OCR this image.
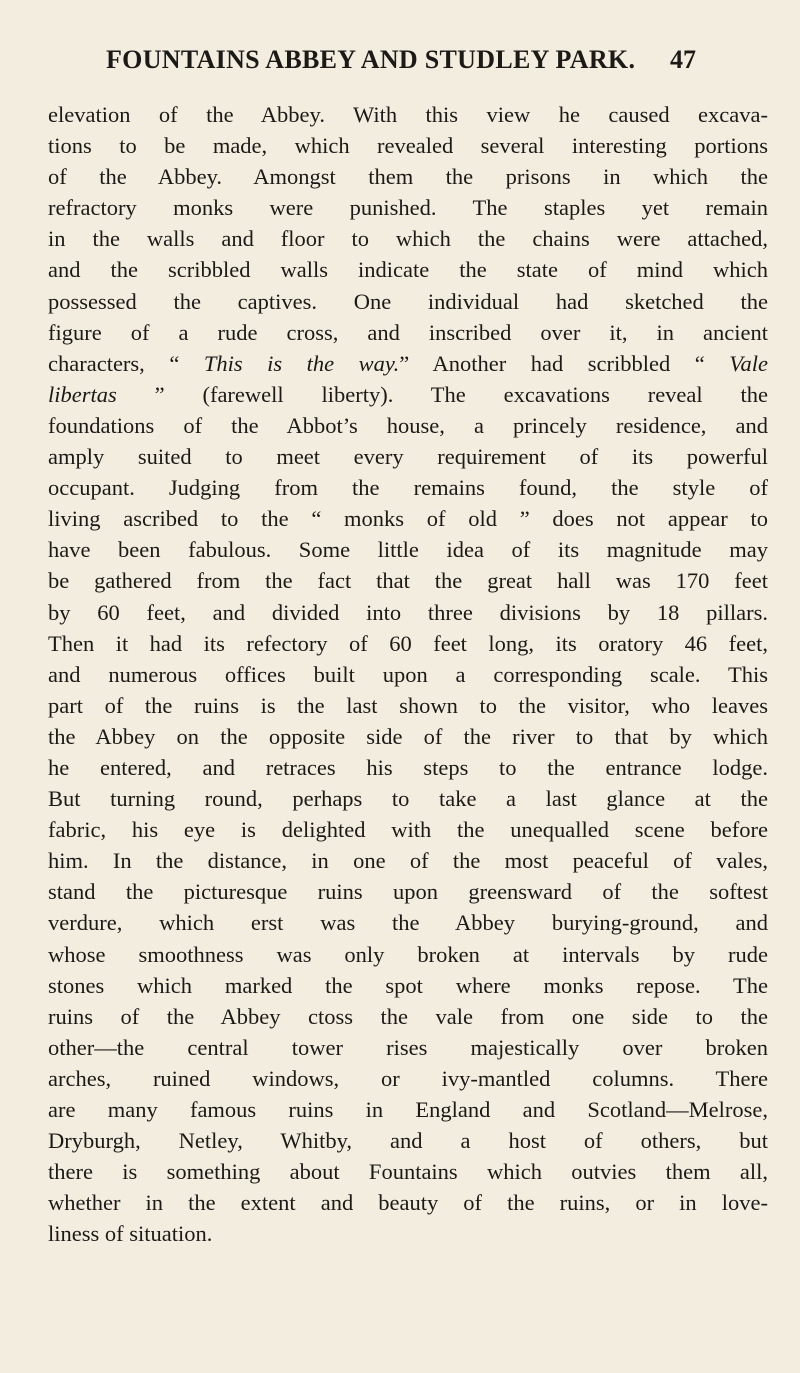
FOUNTAINS ABBEY AND STUDLEY PARK. 47
elevation of the Abbey. With this view he caused excava-
tions to be made, which revealed several interesting portions
of the Abbey. Amongst them the prisons in which the
refractory monks were punished. The staples yet remain
in the walls and floor to which the chains were attached,
and the scribbled walls indicate the state of mind which
possessed the captives. One individual had sketched the
figure of a rude cross, and inscribed over it, in ancient
characters, “ This is the way.” Another had scribbled “ Vale
libertas ” (farewell liberty). The excavations reveal the
foundations of the Abbot’s house, a princely residence, and
amply suited to meet every requirement of its powerful
occupant. Judging from the remains found, the style of
living ascribed to the “ monks of old ” does not appear to
have been fabulous. Some little idea of its magnitude may
be gathered from the fact that the great hall was 170 feet
by 60 feet, and divided into three divisions by 18 pillars.
Then it had its refectory of 60 feet long, its oratory 46 feet,
and numerous offices built upon a corresponding scale. This
part of the ruins is the last shown to the visitor, who leaves
the Abbey on the opposite side of the river to that by which
he entered, and retraces his steps to the entrance lodge.
But turning round, perhaps to take a last glance at the
fabric, his eye is delighted with the unequalled scene before
him. In the distance, in one of the most peaceful of vales,
stand the picturesque ruins upon greensward of the softest
verdure, which erst was the Abbey burying-ground, and
whose smoothness was only broken at intervals by rude
stones which marked the spot where monks repose. The
ruins of the Abbey ctoss the vale from one side to the
other—the central tower rises majestically over broken
arches, ruined windows, or ivy-mantled columns. There
are many famous ruins in England and Scotland—Melrose,
Dryburgh, Netley, Whitby, and a host of others, but
there is something about Fountains which outvies them all,
whether in the extent and beauty of the ruins, or in love-
liness of situation.
